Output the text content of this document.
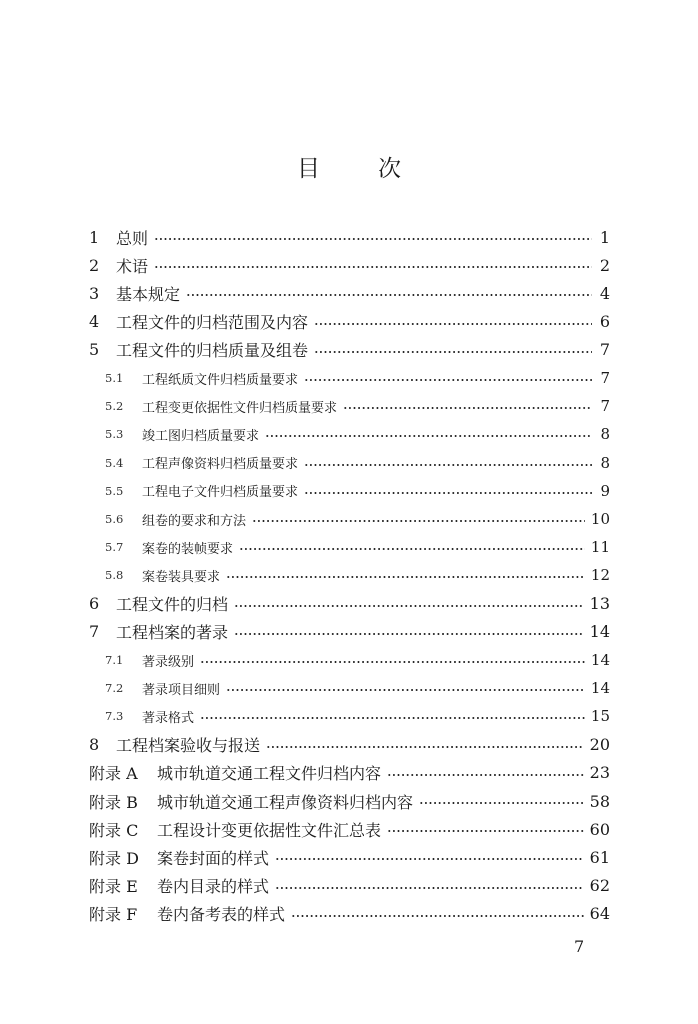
目	次
1	总则	1
2	术语	2
3	基本规定	4
4	工程文件的归档范围及内容	6
5	工程文件的归档质量及组卷	7
5.1	工程纸质文件归档质量要求	7
5.2	工程变更依据性文件归档质量要求	7
5.3	竣工图归档质量要求	8
5.4	工程声像资料归档质量要求	8
5.5	工程电子文件归档质量要求	9
5.6	组卷的要求和方法	10
5.7	案卷的装帧要求	11
5.8	案卷装具要求	12
6	工程文件的归档	13
7	工程档案的著录	14
7.1	著录级别	14
7.2	著录项目细则	14
7.3	著录格式	15
8	工程档案验收与报送	20
附录 A	城市轨道交通工程文件归档内容	23
附录 B	城市轨道交通工程声像资料归档内容	58
附录 C	工程设计变更依据性文件汇总表	60
附录 D	案卷封面的样式	61
附录 E	卷内目录的样式	62
附录 F	卷内备考表的样式	64
7
